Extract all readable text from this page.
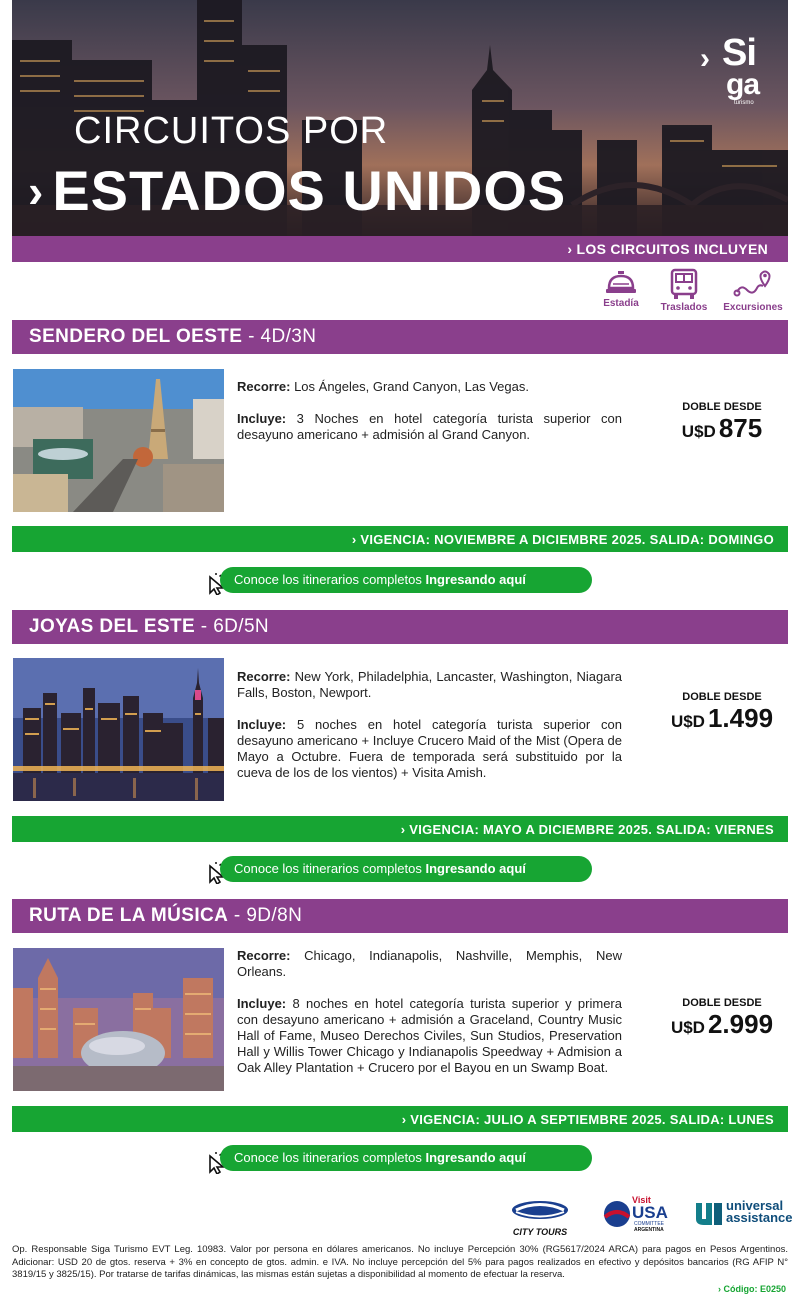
› Si
ga
turismo
CIRCUITOS POR
› ESTADOS UNIDOS
› LOS CIRCUITOS INCLUYEN
Estadía	Traslados	Excursiones
SENDERO DEL OESTE - 4D/3N

Recorre: Los Ángeles, Grand Canyon, Las Vegas.

Incluye: 3 Noches en hotel categoría turista superior con desayuno americano + admisión al Grand Canyon.

DOBLE DESDE
U$D 875
› VIGENCIA: NOVIEMBRE A DICIEMBRE 2025. SALIDA: DOMINGO
Conoce los itinerarios completos Ingresando aquí
JOYAS DEL ESTE - 6D/5N

Recorre: New York, Philadelphia, Lancaster, Washington, Niagara Falls, Boston, Newport.

Incluye: 5 noches en hotel categoría turista superior con desayuno americano + Incluye Crucero Maid of the Mist (Opera de Mayo a Octubre. Fuera de temporada será substituido por la cueva de los de los vientos) + Visita Amish.

DOBLE DESDE
U$D 1.499
› VIGENCIA: MAYO A DICIEMBRE 2025. SALIDA: VIERNES
Conoce los itinerarios completos Ingresando aquí
RUTA DE LA MÚSICA - 9D/8N

Recorre: Chicago, Indianapolis, Nashville, Memphis, New Orleans.

Incluye: 8 noches en hotel categoría turista superior y primera con desayuno americano + admisión a Graceland, Country Music Hall of Fame, Museo Derechos Civiles, Sun Studios, Preservation Hall y Willis Tower Chicago y Indianapolis Speedway + Admision a Oak Alley Plantation + Crucero por el Bayou en un Swamp Boat.

DOBLE DESDE
U$D 2.999
› VIGENCIA: JULIO A SEPTIEMBRE 2025. SALIDA: LUNES
Conoce los itinerarios completos Ingresando aquí
CITY TOURS
Visit
USA
COMMITTEE
ARGENTINA
universal
assistance
Op. Responsable Siga Turismo EVT Leg. 10983. Valor por persona en dólares americanos. No incluye Percepción 30% (RG5617/2024 ARCA) para pagos en Pesos Argentinos. Adicionar: USD 20 de gtos. reserva + 3% en concepto de gtos. admin. e IVA. No incluye percepción del 5% para pagos realizados en efectivo y depósitos bancarios (RG AFIP N° 3819/15 y 3825/15). Por tratarse de tarifas dinámicas, las mismas están sujetas a disponibilidad al momento de efectuar la reserva.
› Código: E0250
